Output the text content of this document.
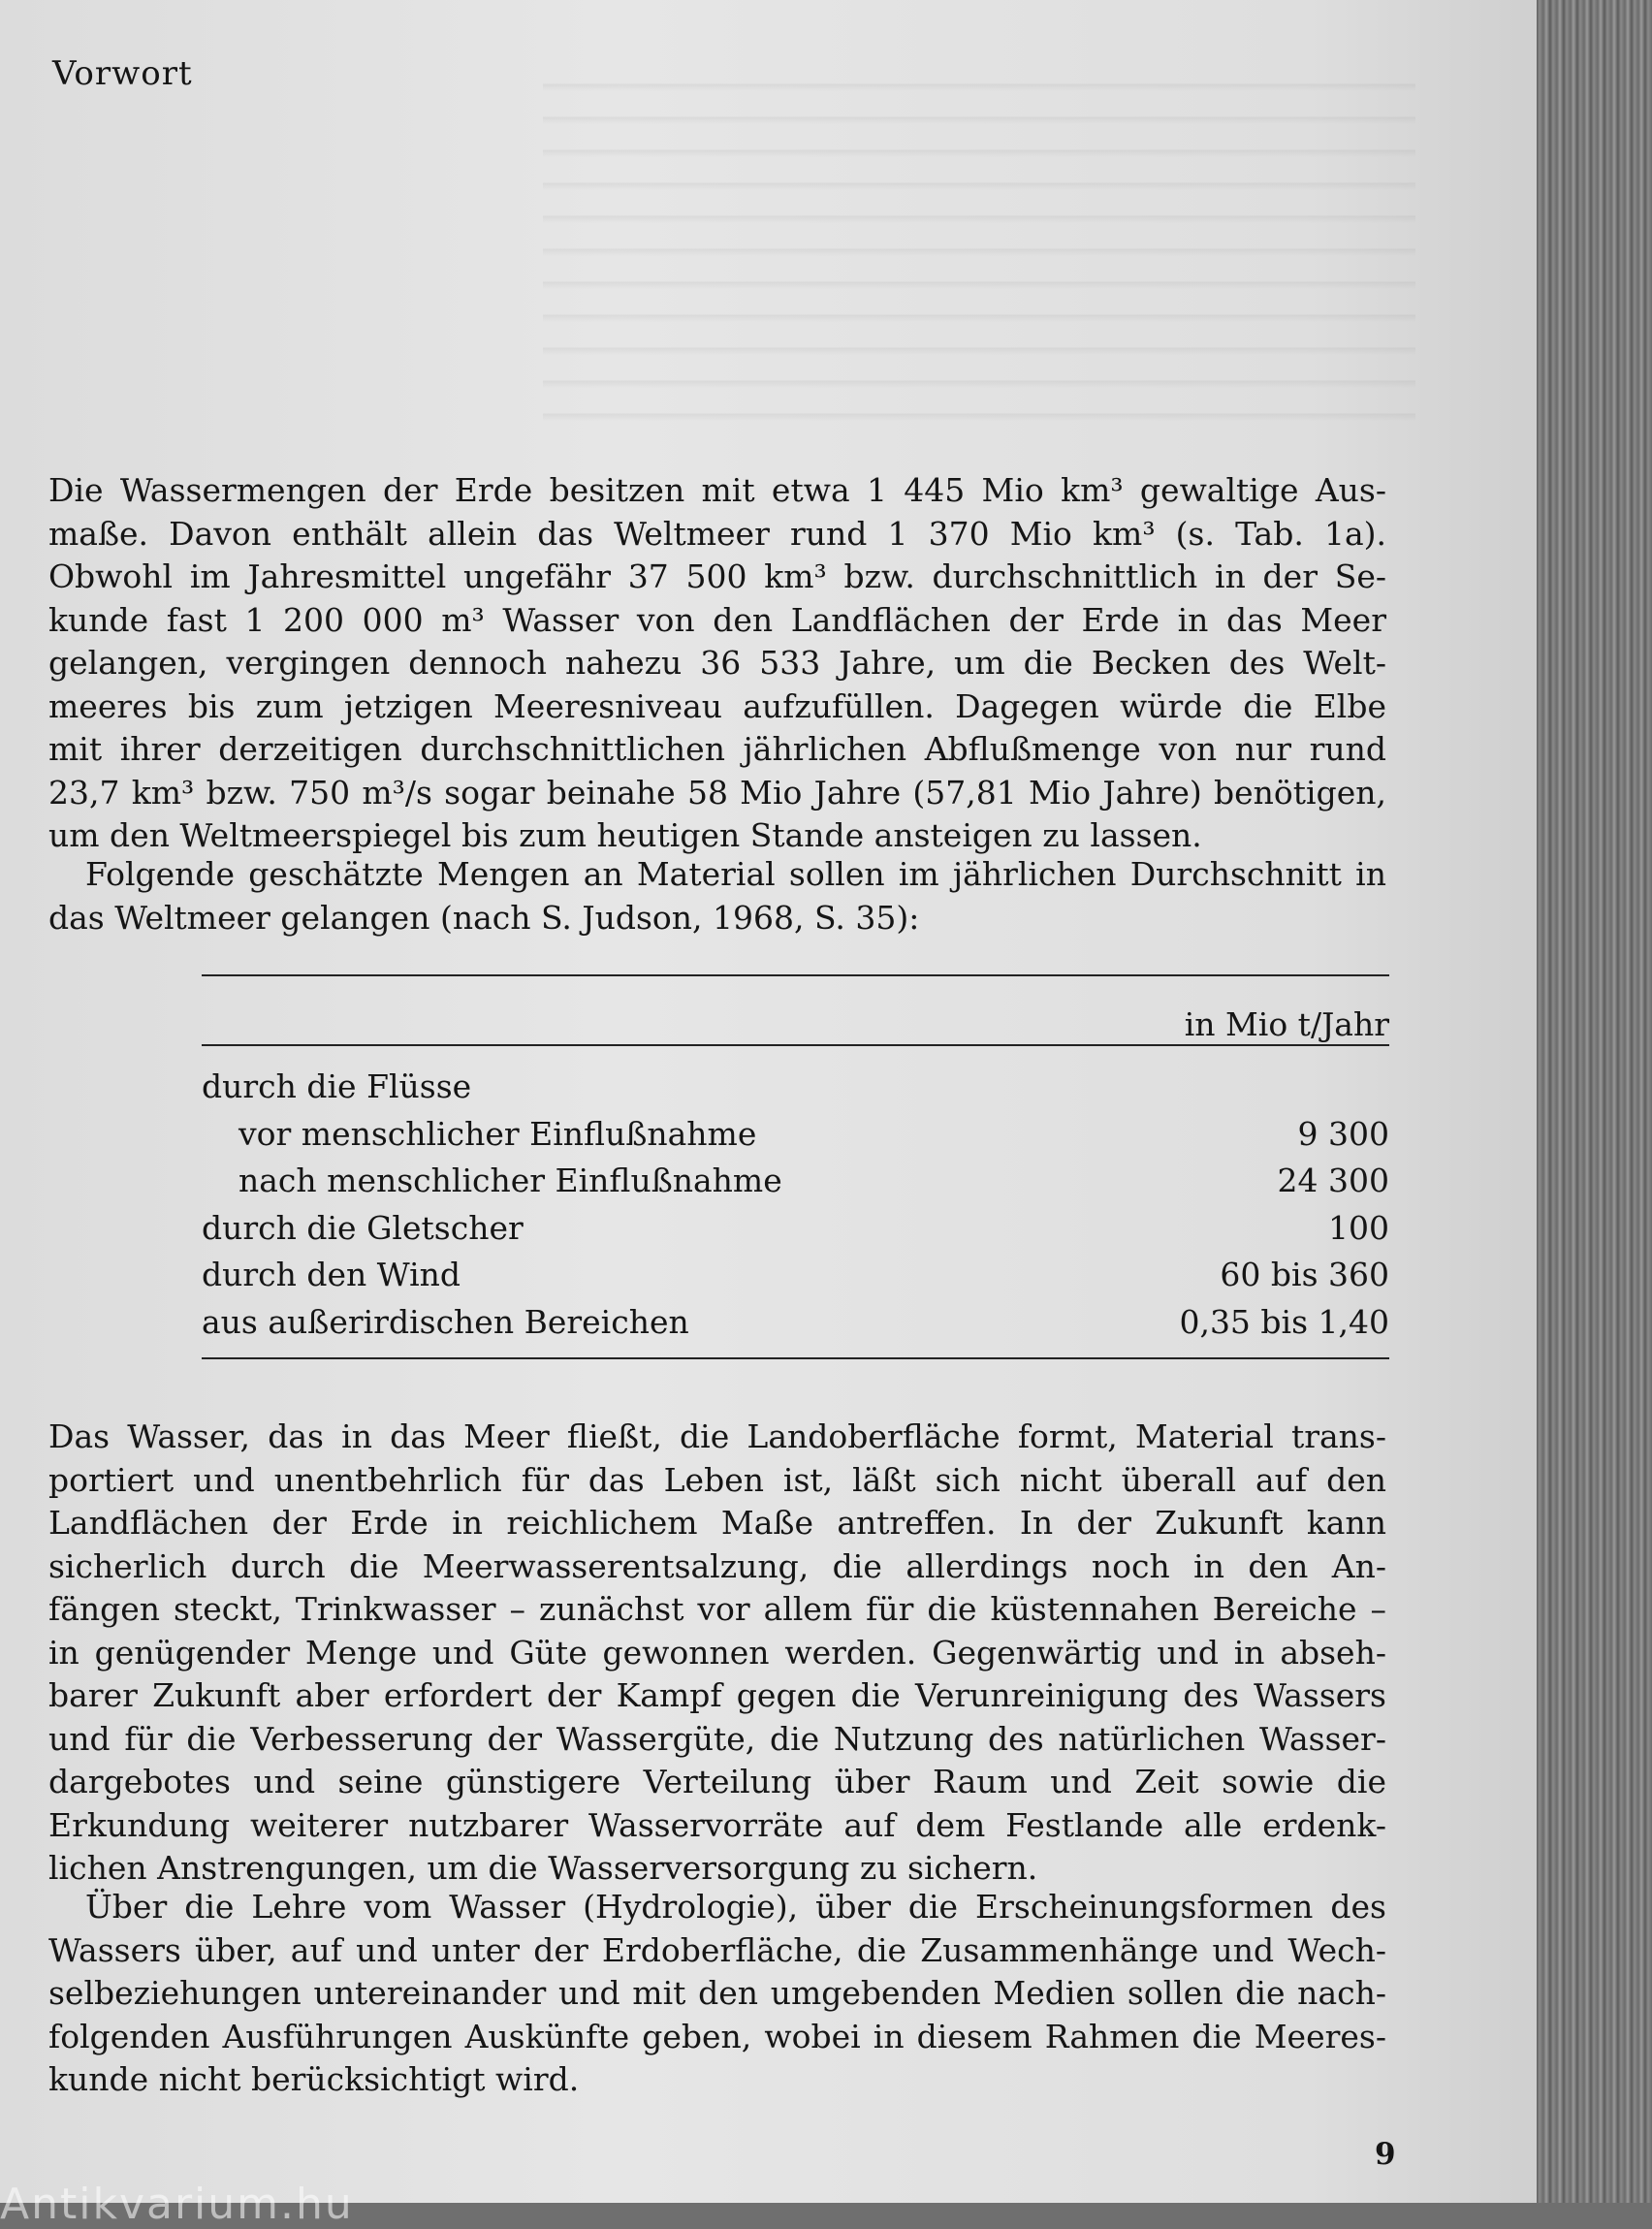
Vorwort
Die Wassermengen der Erde besitzen mit etwa 1 445 Mio km³ gewaltige Aus-
maße. Davon enthält allein das Weltmeer rund 1 370 Mio km³ (s. Tab. 1a).
Obwohl im Jahresmittel ungefähr 37 500 km³ bzw. durchschnittlich in der Se-
kunde fast 1 200 000 m³ Wasser von den Landflächen der Erde in das Meer
gelangen, vergingen dennoch nahezu 36 533 Jahre, um die Becken des Welt-
meeres bis zum jetzigen Meeresniveau aufzufüllen. Dagegen würde die Elbe
mit ihrer derzeitigen durchschnittlichen jährlichen Abflußmenge von nur rund
23,7 km³ bzw. 750 m³/s sogar beinahe 58 Mio Jahre (57,81 Mio Jahre) benötigen,
um den Weltmeerspiegel bis zum heutigen Stande ansteigen zu lassen.
Folgende geschätzte Mengen an Material sollen im jährlichen Durchschnitt in
das Weltmeer gelangen (nach S. Judson, 1968, S. 35):
in Mio t/Jahr
durch die Flüsse
vor menschlicher Einflußnahme	9 300
nach menschlicher Einflußnahme	24 300
durch die Gletscher	100
durch den Wind	60 bis 360
aus außerirdischen Bereichen	0,35 bis 1,40
Das Wasser, das in das Meer fließt, die Landoberfläche formt, Material trans-
portiert und unentbehrlich für das Leben ist, läßt sich nicht überall auf den
Landflächen der Erde in reichlichem Maße antreffen. In der Zukunft kann
sicherlich durch die Meerwasserentsalzung, die allerdings noch in den An-
fängen steckt, Trinkwasser – zunächst vor allem für die küstennahen Bereiche –
in genügender Menge und Güte gewonnen werden. Gegenwärtig und in abseh-
barer Zukunft aber erfordert der Kampf gegen die Verunreinigung des Wassers
und für die Verbesserung der Wassergüte, die Nutzung des natürlichen Wasser-
dargebotes und seine günstigere Verteilung über Raum und Zeit sowie die
Erkundung weiterer nutzbarer Wasservorräte auf dem Festlande alle erdenk-
lichen Anstrengungen, um die Wasserversorgung zu sichern.
Über die Lehre vom Wasser (Hydrologie), über die Erscheinungsformen des
Wassers über, auf und unter der Erdoberfläche, die Zusammenhänge und Wech-
selbeziehungen untereinander und mit den umgebenden Medien sollen die nach-
folgenden Ausführungen Auskünfte geben, wobei in diesem Rahmen die Meeres-
kunde nicht berücksichtigt wird.
9
Antikvarium.hu
